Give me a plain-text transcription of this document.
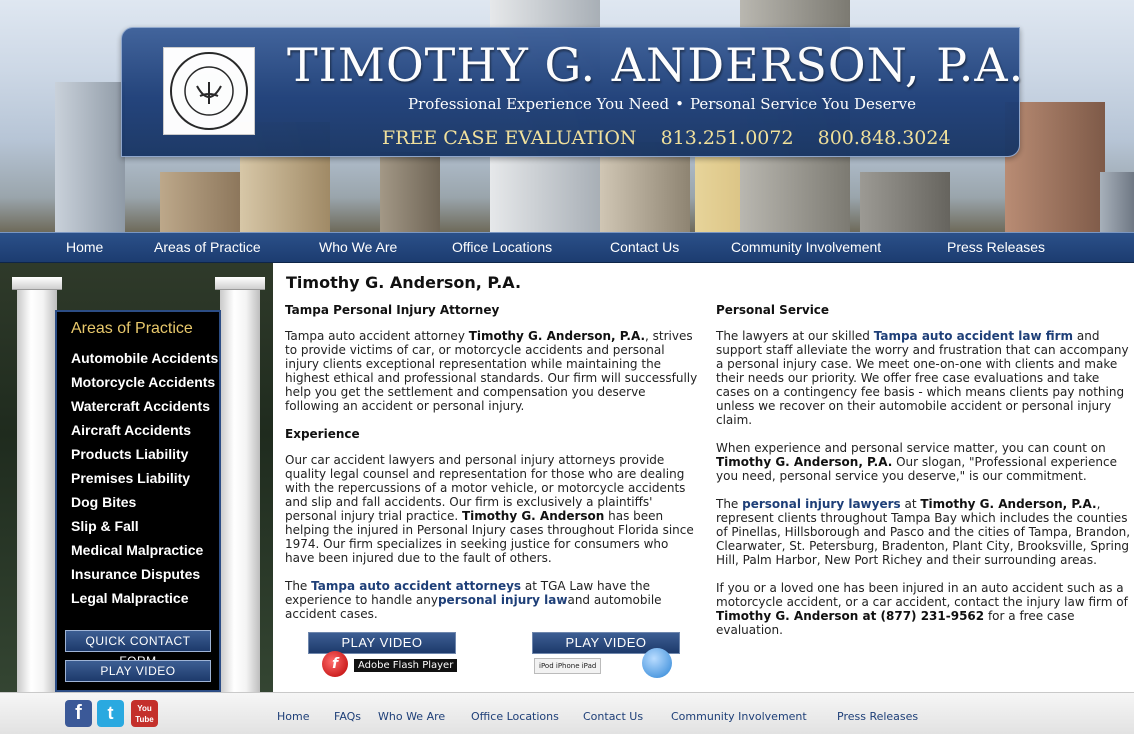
TIMOTHY G. ANDERSON, P.A.
Professional Experience You Need • Personal Service You Deserve
FREE CASE EVALUATION 813.251.0072 800.848.3024
Home	Areas of Practice	Who We Are	Office Locations	Contact Us	Community Involvement	Press Releases
Areas of Practice
Automobile Accidents
Motorcycle Accidents
Watercraft Accidents
Aircraft Accidents
Products Liability
Premises Liability
Dog Bites
Slip & Fall
Medical Malpractice
Insurance Disputes
Legal Malpractice
QUICK CONTACT
PLAY VIDEO
Timothy G. Anderson, P.A.
Tampa Personal Injury Attorney

Tampa auto accident attorney Timothy G. Anderson, P.A., strives to provide victims of car, or motorcycle accidents and personal injury clients exceptional representation while maintaining the highest ethical and professional standards. Our firm will successfully help you get the settlement and compensation you deserve following an accident or personal injury.

Experience

Our car accident lawyers and personal injury attorneys provide quality legal counsel and representation for those who are dealing with the repercussions of a motor vehicle, or motorcycle accidents and slip and fall accidents. Our firm is exclusively a plaintiffs' personal injury trial practice. Timothy G. Anderson has been helping the injured in Personal Injury cases throughout Florida since 1974. Our firm specializes in seeking justice for consumers who have been injured due to the fault of others.

The Tampa auto accident attorneys at TGA Law have the experience to handle anypersonal injury lawand automobile accident cases.

Personal Service

The lawyers at our skilled Tampa auto accident law firm and support staff alleviate the worry and frustration that can accompany a personal injury case. We meet one-on-one with clients and make their needs our priority. We offer free case evaluations and take cases on a contingency fee basis - which means clients pay nothing unless we recover on their automobile accident or personal injury claim.

When experience and personal service matter, you can count on Timothy G. Anderson, P.A. Our slogan, "Professional experience you need, personal service you deserve," is our commitment.

The personal injury lawyers at Timothy G. Anderson, P.A., represent clients throughout Tampa Bay which includes the counties of Pinellas, Hillsborough and Pasco and the cities of Tampa, Brandon, Clearwater, St. Petersburg, Bradenton, Plant City, Brooksville, Spring Hill, Palm Harbor, New Port Richey and their surrounding areas.

If you or a loved one has been injured in an auto accident such as a motorcycle accident, or a car accident, contact the injury law firm of Timothy G. Anderson at (877) 231-9562 for a free case evaluation.

PLAY VIDEO
f	Adobe Flash Player
PLAY VIDEO
iPod iPhone iPad
f	t	You
Tube	Home FAQs Who We Are Office Locations Contact Us	Community Involvement	Press Releases
